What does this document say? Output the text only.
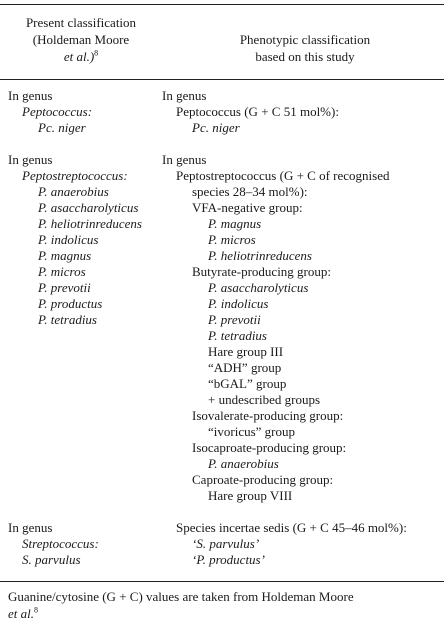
Present classification
(Holdeman Moore
et al.)$^8$
Phenotypic classification
based on this study
In genus
Peptococcus:
Pc. niger
In genus
Peptostreptococcus:
P. anaerobius
P. asaccharolyticus
P. heliotrinreducens
P. indolicus
P. magnus
P. micros
P. prevotii
P. productus
P. tetradius
In genus
Streptococcus:
S. parvulus
In genus
Peptococcus (G + C 51 mol%):
Pc. niger
In genus
Peptostreptococcus (G + C of recognised
species 28–34 mol%):
VFA-negative group:
P. magnus
P. micros
P. heliotrinreducens
Butyrate-producing group:
P. asaccharolyticus
P. indolicus
P. prevotii
P. tetradius
Hare group III
“ADH” group
“bGAL” group
+ undescribed groups
Isovalerate-producing group:
“ivoricus” group
Isocaproate-producing group:
P. anaerobius
Caproate-producing group:
Hare group VIII
Species incertae sedis (G + C 45–46 mol%):
‘S. parvulus’
‘P. productus’
Guanine/cytosine (G + C) values are taken from Holdeman Moore
et al.$^8$
